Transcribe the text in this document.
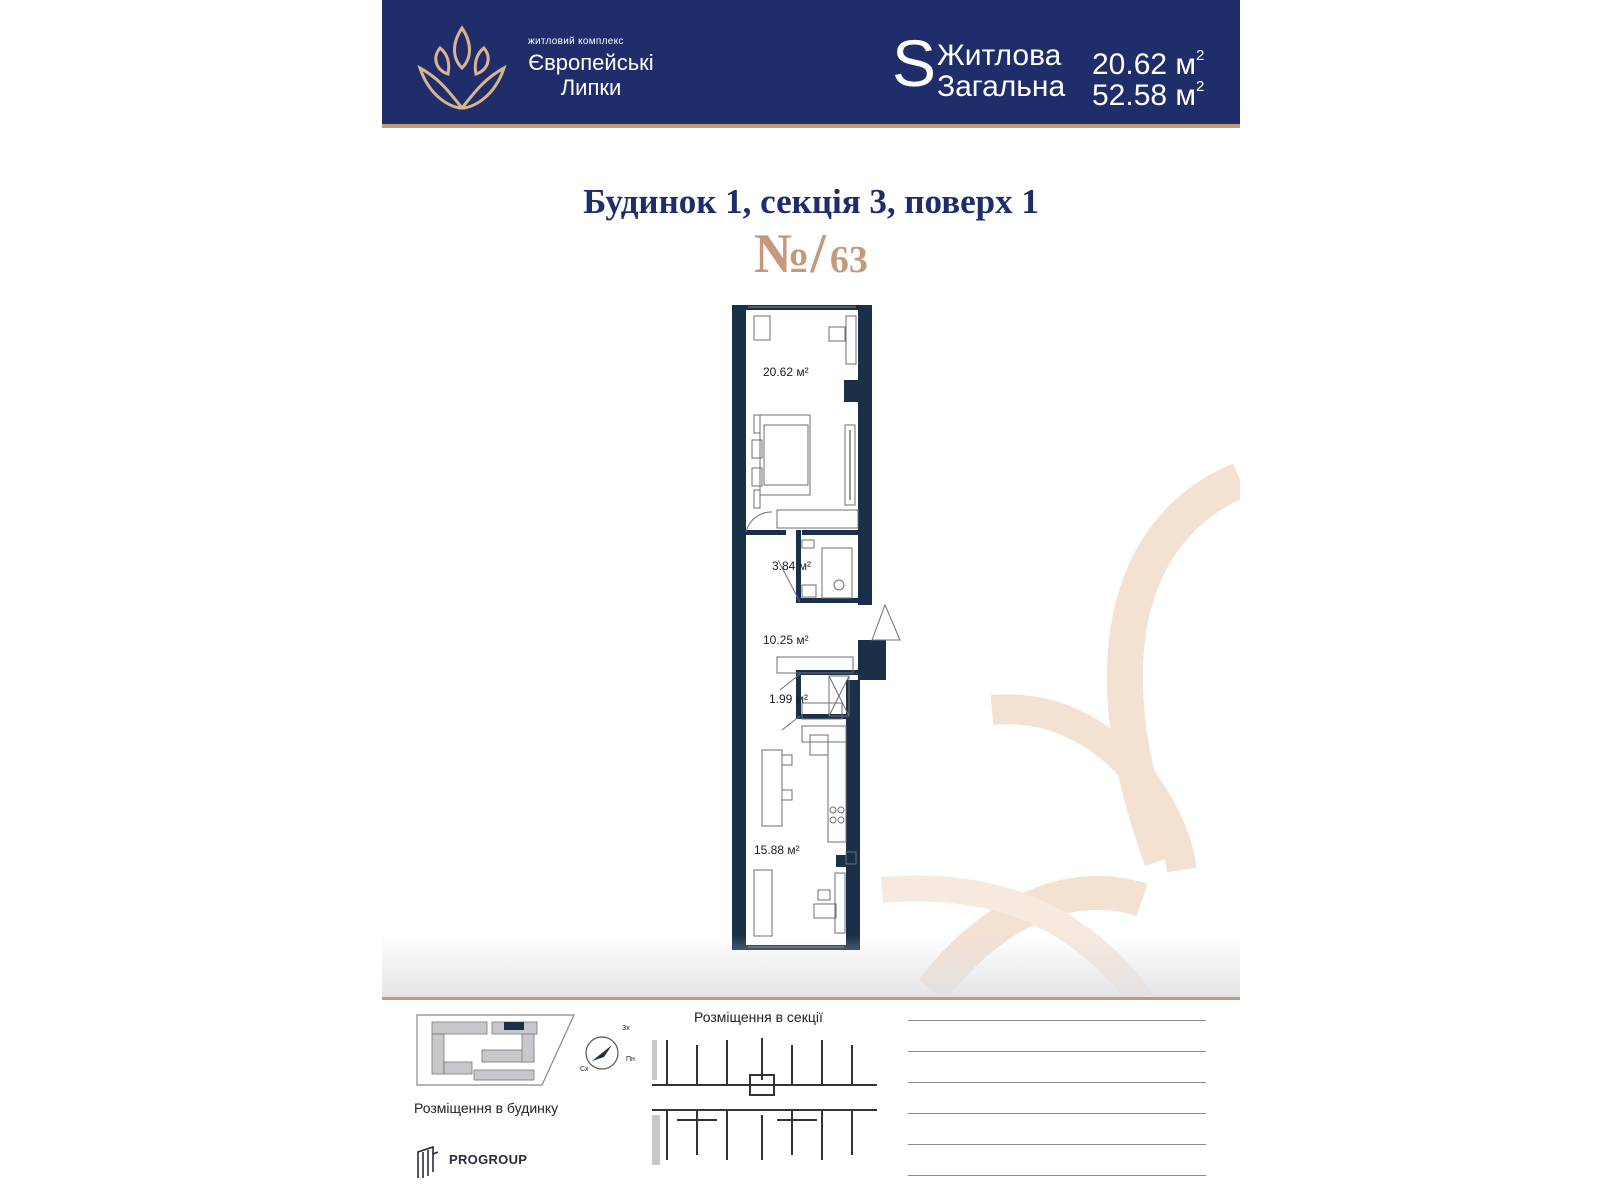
житловий комплекс
Європейські
Липки	S Житлова 20.62 $м^2$
Загальна 52.58 $м^2$
Будинок 1, секція 3, поверх 1
№/ 63
20.62 м²
3.84 м²
10.25 м²
1.99 м²
15.88 м²
Зх
Пн
Сх
Розміщення в будинку
Розміщення в секції
PROGROUP
